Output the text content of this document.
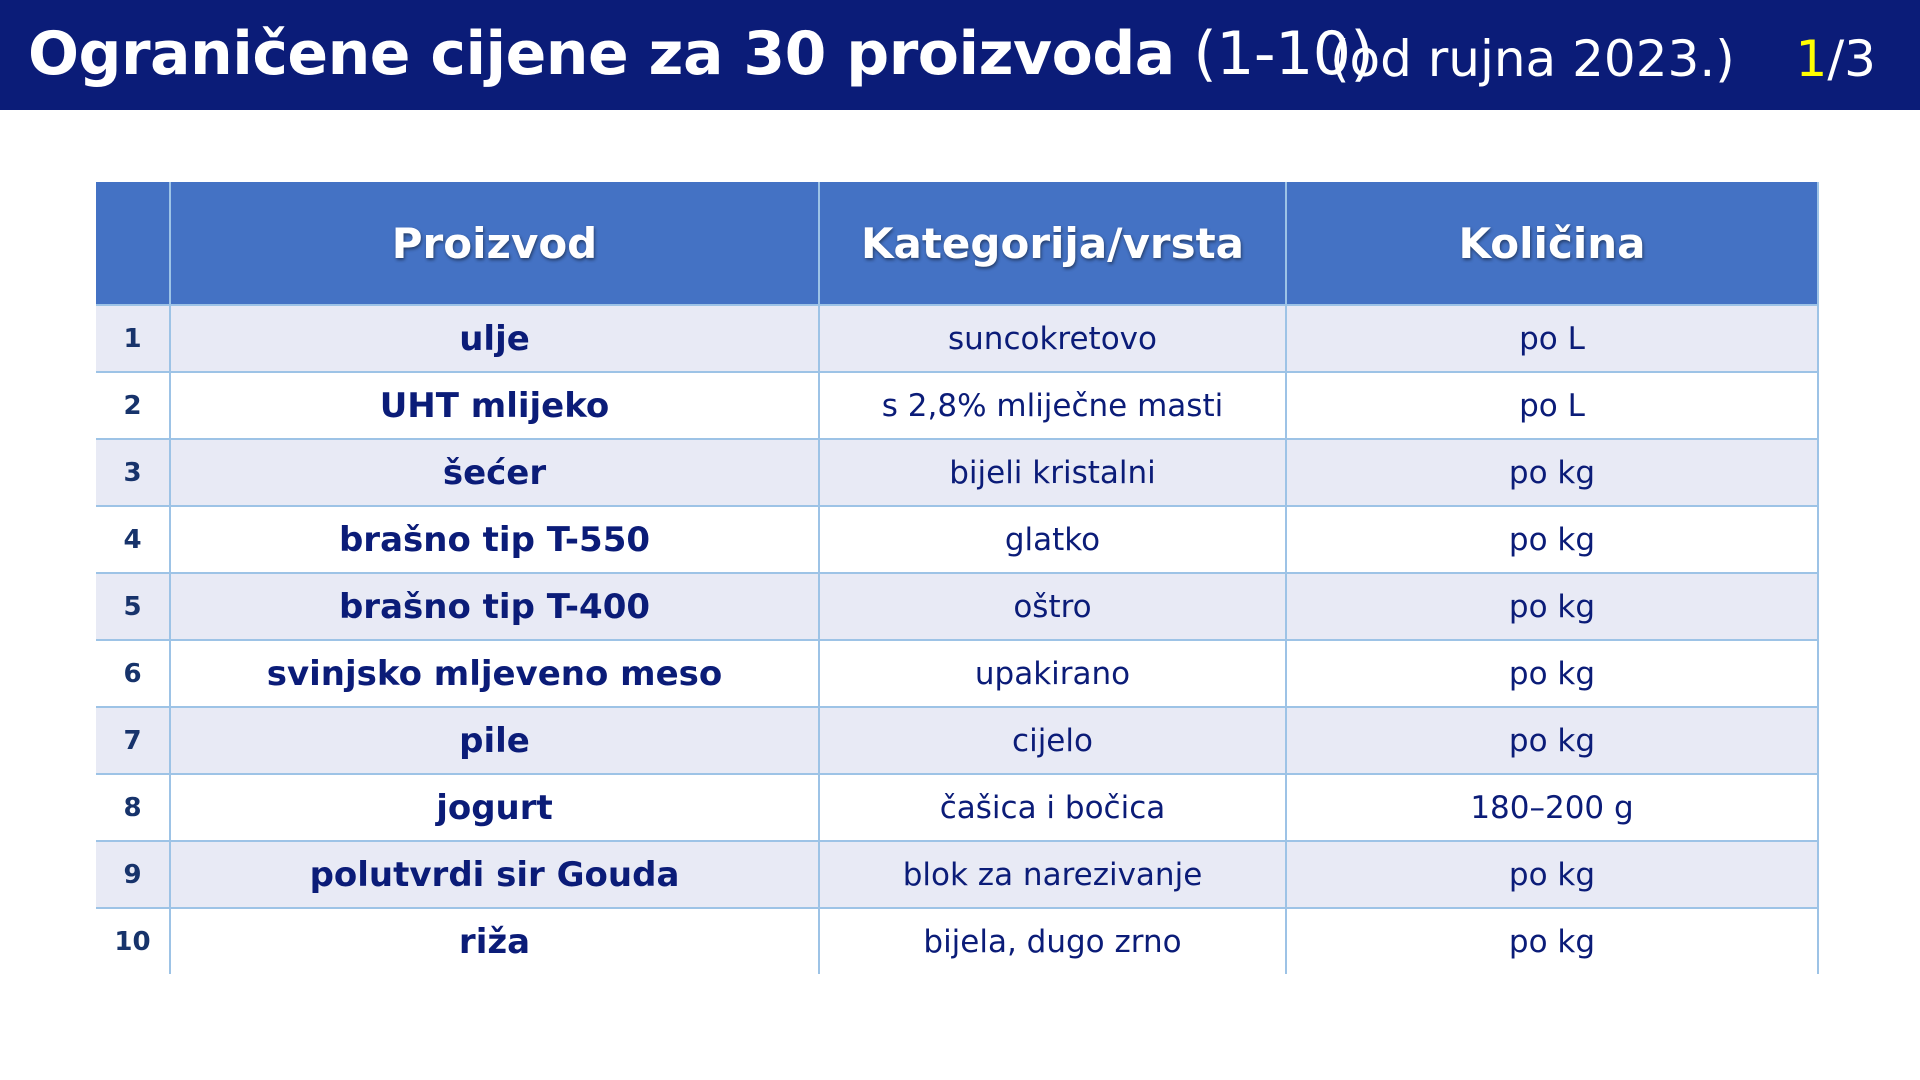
Ograničene cijene za 30 proizvoda (1-10)
(od rujna 2023.) 1/3
	Proizvod	Kategorija/vrsta	Količina
1	ulje	suncokretovo	po L
2	UHT mlijeko	s 2,8% mliječne masti	po L
3	šećer	bijeli kristalni	po kg
4	brašno tip T-550	glatko	po kg
5	brašno tip T-400	oštro	po kg
6	svinjsko mljeveno meso	upakirano	po kg
7	pile	cijelo	po kg
8	jogurt	čašica i bočica	180–200 g
9	polutvrdi sir Gouda	blok za narezivanje	po kg
10	riža	bijela, dugo zrno	po kg
